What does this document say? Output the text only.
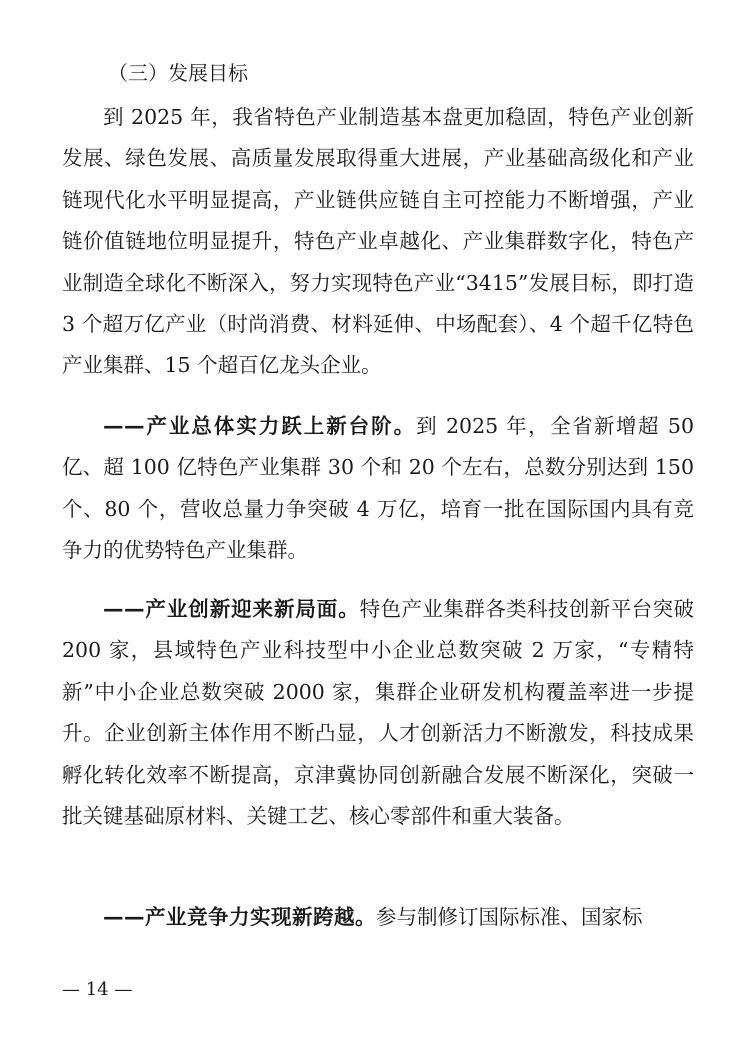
（三）发展目标

到 2025 年，我省特色产业制造基本盘更加稳固，特色产业创新发展、绿色发展、高质量发展取得重大进展，产业基础高级化和产业链现代化水平明显提高，产业链供应链自主可控能力不断增强，产业链价值链地位明显提升，特色产业卓越化、产业集群数字化，特色产业制造全球化不断深入，努力实现特色产业“3415”发展目标，即打造 3 个超万亿产业（时尚消费、材料延伸、中场配套）、4 个超千亿特色产业集群、15 个超百亿龙头企业。

——产业总体实力跃上新台阶。到 2025 年，全省新增超 50 亿、超 100 亿特色产业集群 30 个和 20 个左右，总数分别达到 150 个、80 个，营收总量力争突破 4 万亿，培育一批在国际国内具有竞争力的优势特色产业集群。

——产业创新迎来新局面。特色产业集群各类科技创新平台突破 200 家，县域特色产业科技型中小企业总数突破 2 万家，“专精特新”中小企业总数突破 2000 家，集群企业研发机构覆盖率进一步提升。企业创新主体作用不断凸显，人才创新活力不断激发，科技成果孵化转化效率不断提高，京津冀协同创新融合发展不断深化，突破一批关键基础原材料、关键工艺、核心零部件和重大装备。

——产业竞争力实现新跨越。参与制修订国际标准、国家标

— 14 —
